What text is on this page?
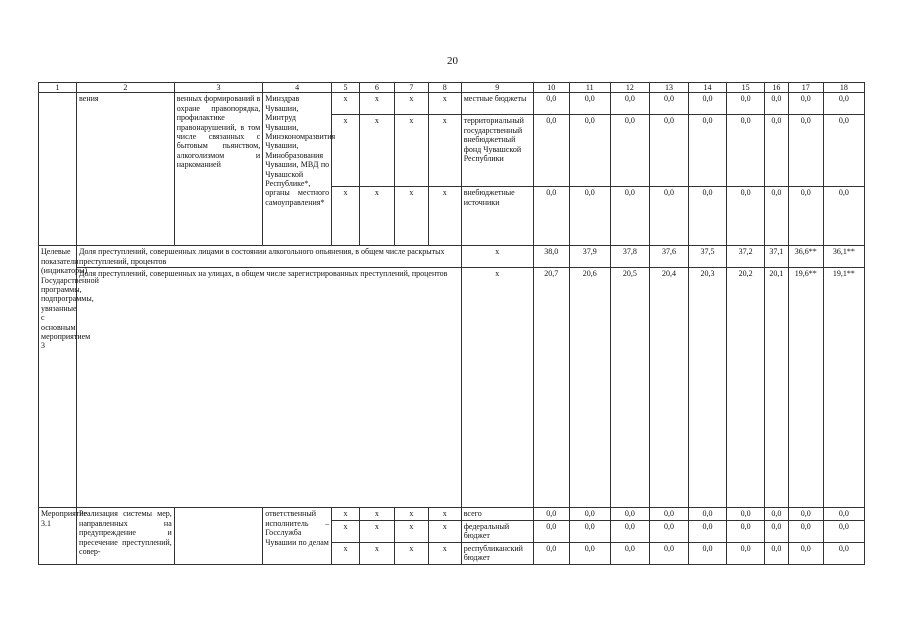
20
1	2	3	4	5	6	7	8	9	10	11	12	13	14	15	16	17	18
	вения	венных формирований в охране правопорядка, профилактике правонарушений, в том числе связанных с бытовым пьянством, алкоголизмом и наркоманией	Минздрав Чувашии, Минтруд Чувашии, Минэкономразвития Чувашии, Минобразования Чувашии, МВД по Чувашской Республике*, органы местного самоуправления*	x	x	x	x	местные бюджеты	0,0	0,0	0,0	0,0	0,0	0,0	0,0	0,0	0,0
				x	x	x	x	территориальный государственный внебюджетный фонд Чувашской Республики	0,0	0,0	0,0	0,0	0,0	0,0	0,0	0,0	0,0
				x	x	x	x	внебюджетные источники	0,0	0,0	0,0	0,0	0,0	0,0	0,0	0,0	0,0
Целевые показатели (индикаторы) Государственной программы, подпрограммы, увязанные с основным мероприятием 3	Доля преступлений, совершенных лицами в состоянии алкогольного опьянения, в общем числе раскрытых преступлений, процентов							x	38,0	37,9	37,8	37,6	37,5	37,2	37,1	36,6**	36,1**
	Доля преступлений, совершенных на улицах, в общем числе зарегистрированных преступлений, процентов							x	20,7	20,6	20,5	20,4	20,3	20,2	20,1	19,6**	19,1**
Мероприятие 3.1	Реализация системы мер, направленных на предупреждение и пресечение преступлений, совер-		ответственный исполнитель – Госслужба Чувашии по делам	x	x	x	x	всего	0,0	0,0	0,0	0,0	0,0	0,0	0,0	0,0	0,0
				x	x	x	x	федеральный бюджет	0,0	0,0	0,0	0,0	0,0	0,0	0,0	0,0	0,0
				x	x	x	x	республиканский бюджет	0,0	0,0	0,0	0,0	0,0	0,0	0,0	0,0	0,0
